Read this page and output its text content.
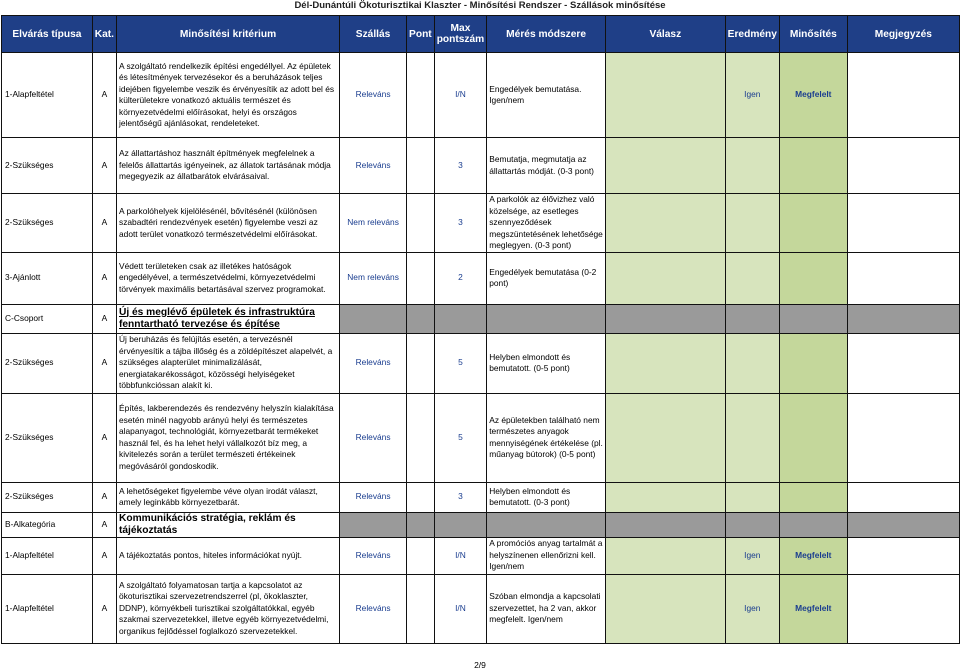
Dél-Dunántúli Ökoturisztikai Klaszter - Minősítési Rendszer - Szállások minősítése
Elvárás típusa	Kat.	Minősítési kritérium	Szállás	Pont	Max pontszám	Mérés módszere	Válasz	Eredmény	Minősítés	Megjegyzés
1-Alapfeltétel	A	A szolgáltató rendelkezik építési engedéllyel. Az épületek és létesítmények tervezésekor és a beruházások teljes idejében figyelembe veszik és érvényesítik az adott bel és külterületekre vonatkozó aktuális természet és környezetvédelmi előírásokat, helyi és országos jelentőségű ajánlásokat, rendeleteket.	Releváns		I/N	Engedélyek bemutatása. Igen/nem		Igen	Megfelelt	
2-Szükséges	A	Az állattartáshoz használt építmények megfelelnek a felelős állattartás igényeinek, az állatok tartásának módja megegyezik az állatbarátok elvárásaival.	Releváns		3	Bemutatja, megmutatja az állattartás módját. (0-3 pont)				
2-Szükséges	A	A parkolóhelyek kijelölésénél, bővítésénél (különösen szabadtéri rendezvények esetén) figyelembe veszi az adott terület vonatkozó természetvédelmi előírásokat.	Nem releváns		3	A parkolók az élővizhez való közelsége, az esetleges szennyeződések megszüntetésének lehetősége meglegyen. (0-3 pont)				
3-Ajánlott	A	Védett területeken csak az illetékes hatóságok engedélyével, a természetvédelmi, környezetvédelmi törvények maximális betartásával szervez programokat.	Nem releváns		2	Engedélyek bemutatása (0-2 pont)				
C-Csoport	A	Új és meglévő épületek és infrastruktúra fenntartható tervezése és építése								
2-Szükséges	A	Új beruházás és felújítás esetén, a tervezésnél érvényesítik a tájba illőség és a zöldépítészet alapelvét, a szükséges alapterület minimalizálását, energiatakarékosságot, közösségi helyiségeket többfunkcióssan alakít ki.	Releváns		5	Helyben elmondott és bemutatott. (0-5 pont)				
2-Szükséges	A	Építés, lakberendezés és rendezvény helyszín kialakítása esetén minél nagyobb arányú helyi és természetes alapanyagot, technológiát, környezetbarát termékeket használ fel, és ha lehet helyi vállalkozót bíz meg, a kivitelezés során a terület természeti értékeinek megóvásáról gondoskodik.	Releváns		5	Az épületekben található nem természetes anyagok mennyiségének értékelése (pl. műanyag bútorok) (0-5 pont)				
2-Szükséges	A	A lehetőségeket figyelembe véve olyan irodát választ, amely leginkább környezetbarát.	Releváns		3	Helyben elmondott és bemutatott. (0-3 pont)				
B-Alkategória	A	Kommunikációs stratégia, reklám és tájékoztatás								
1-Alapfeltétel	A	A tájékoztatás pontos, hiteles információkat nyújt.	Releváns		I/N	A promóciós anyag tartalmát a helyszínenen ellenőrizni kell. Igen/nem		Igen	Megfelelt	
1-Alapfeltétel	A	A szolgáltató folyamatosan tartja a kapcsolatot az ökoturisztikai szervezetrendszerrel (pl, ökoklaszter, DDNP), környékbeli turisztikai szolgáltatókkal, egyéb szakmai szervezetekkel, illetve egyéb környezetvédelmi, organikus fejlődéssel foglalkozó szervezetekkel.	Releváns		I/N	Szóban elmondja a kapcsolati szervezettet, ha 2 van, akkor megfelelt. Igen/nem		Igen	Megfelelt	
2/9
